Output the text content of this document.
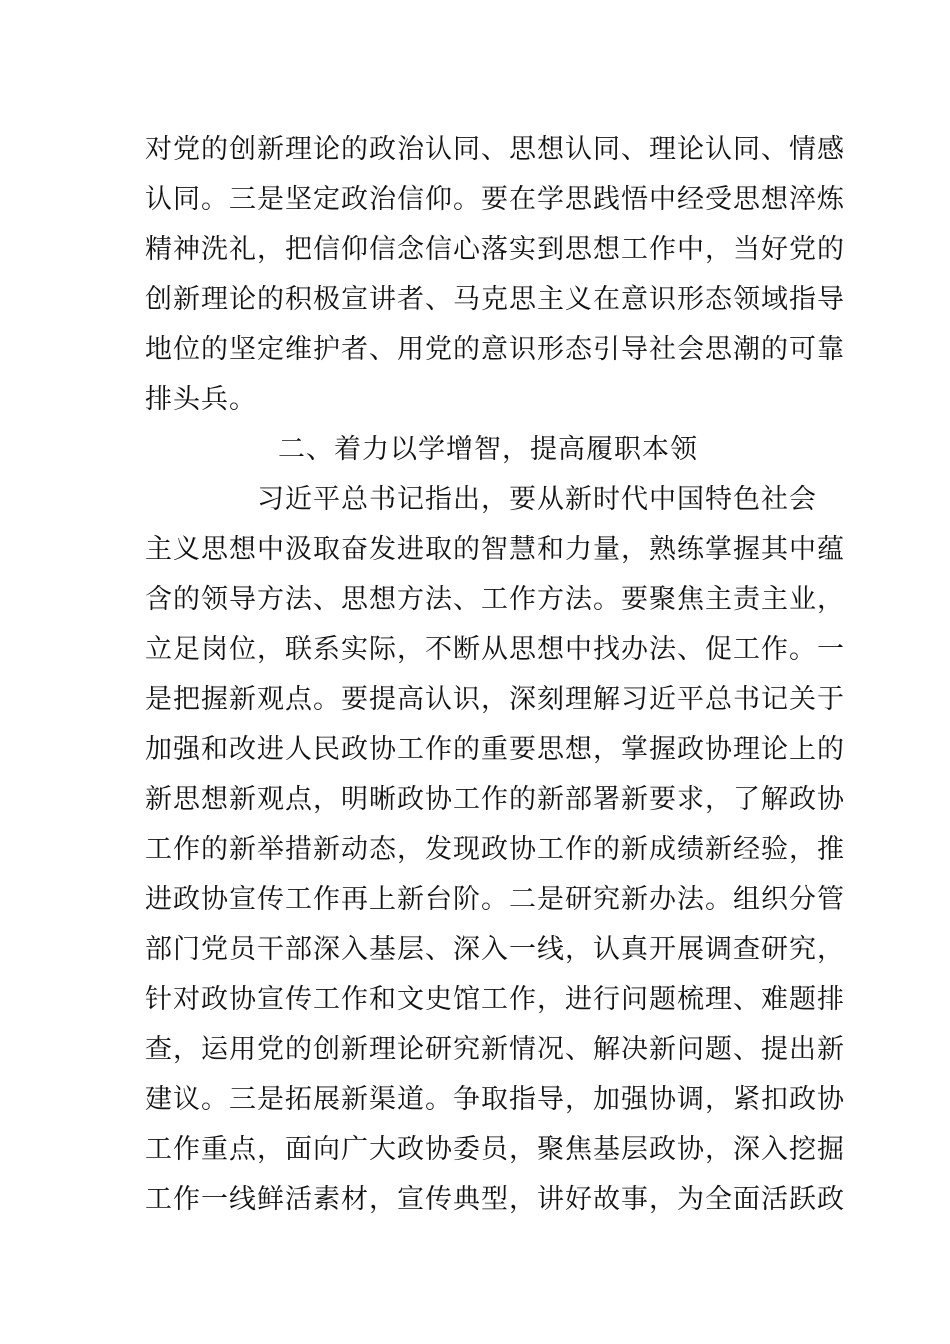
对党的创新理论的政治认同、思想认同、理论认同、情感
认同。三是坚定政治信仰。要在学思践悟中经受思想淬炼
精神洗礼，把信仰信念信心落实到思想工作中，当好党的
创新理论的积极宣讲者、马克思主义在意识形态领域指导
地位的坚定维护者、用党的意识形态引导社会思潮的可靠
排头兵。
二、着力以学增智，提高履职本领
习近平总书记指出，要从新时代中国特色社会
主义思想中汲取奋发进取的智慧和力量，熟练掌握其中蕴
含的领导方法、思想方法、工作方法。要聚焦主责主业，
立足岗位，联系实际，不断从思想中找办法、促工作。一
是把握新观点。要提高认识，深刻理解习近平总书记关于
加强和改进人民政协工作的重要思想，掌握政协理论上的
新思想新观点，明晰政协工作的新部署新要求，了解政协
工作的新举措新动态，发现政协工作的新成绩新经验，推
进政协宣传工作再上新台阶。二是研究新办法。组织分管
部门党员干部深入基层、深入一线，认真开展调查研究，
针对政协宣传工作和文史馆工作，进行问题梳理、难题排
查，运用党的创新理论研究新情况、解决新问题、提出新
建议。三是拓展新渠道。争取指导，加强协调，紧扣政协
工作重点，面向广大政协委员，聚焦基层政协，深入挖掘
工作一线鲜活素材，宣传典型，讲好故事，为全面活跃政
